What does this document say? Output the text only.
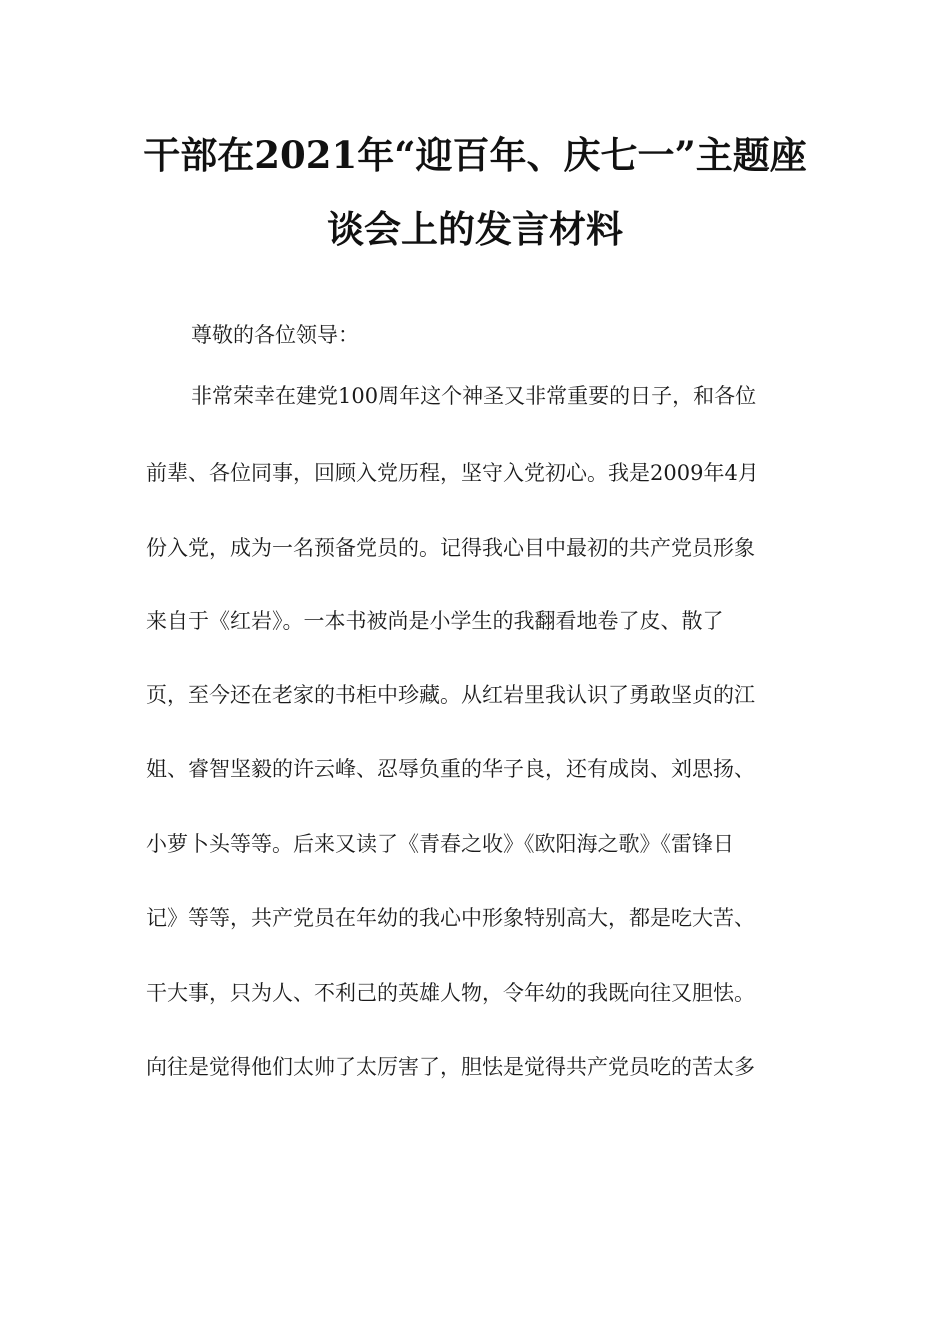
干部在2021年“迎百年、庆七一”主题座
谈会上的发言材料
尊敬的各位领导：
非常荣幸在建党100周年这个神圣又非常重要的日子，和各位
前辈、各位同事，回顾入党历程，坚守入党初心。我是2009年4月
份入党，成为一名预备党员的。记得我心目中最初的共产党员形象
来自于《红岩》。一本书被尚是小学生的我翻看地卷了皮、散了
页，至今还在老家的书柜中珍藏。从红岩里我认识了勇敢坚贞的江
姐、睿智坚毅的许云峰、忍辱负重的华子良，还有成岗、刘思扬、
小萝卜头等等。后来又读了《青春之收》《欧阳海之歌》《雷锋日
记》等等，共产党员在年幼的我心中形象特别高大，都是吃大苦、
干大事，只为人、不利己的英雄人物，令年幼的我既向往又胆怯。
向往是觉得他们太帅了太厉害了，胆怯是觉得共产党员吃的苦太多
